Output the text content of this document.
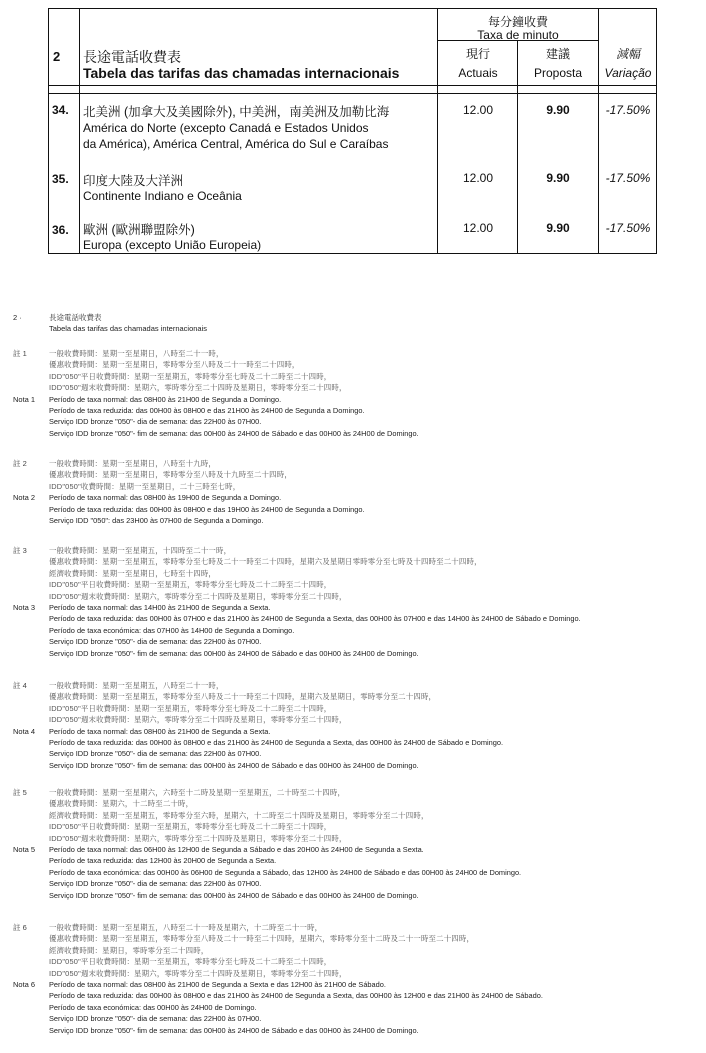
2 長途電話收費表
Tabela das tarifas das chamadas internacionais
每分鐘收費
Taxa de minuto
現行
Actuais
建議
Proposta
減幅
Variação
34. 北美洲 (加拿大及美國除外), 中美洲，南美洲及加勒比海
América do Norte (excepto Canadá e Estados Unidos
da América), América Central, América do Sul e Caraíbas
12.00	9.90	-17.50%
35. 印度大陸及大洋洲
Continente Indiano e Oceânia
12.00	9.90	-17.50%
36. 歐洲 (歐洲聯盟除外)
Europa (excepto União Europeia)
12.00	9.90	-17.50%
2 ·	長途電話收費表
Tabela das tarifas das chamadas internacionais
註 1	一般收費時間：星期一至星期日，八時至二十一時，
優惠收費時間：星期一至星期日，零時零分至八時及二十一時至二十四時，
IDD"050"平日收費時間：星期一至星期五，零時零分至七時及二十二時至二十四時，
IDD"050"週末收費時間：星期六，零時零分至二十四時及星期日，零時零分至二十四時，
Nota 1 Período de taxa normal: das 08H00 às 21H00 de Segunda a Domingo.
Período de taxa reduzida: das 00H00 às 08H00 e das 21H00 às 24H00 de Segunda a Domingo.
Serviço IDD bronze "050"- dia de semana: das 22H00 às 07H00.
Serviço IDD bronze "050"- fim de semana: das 00H00 às 24H00 de Sábado e das 00H00 às 24H00 de Domingo.
註 2	一般收費時間：星期一至星期日，八時至十九時，
優惠收費時間：星期一至星期日，零時零分至八時及十九時至二十四時，
IDD"050"收費時間：星期一至星期日，二十三時至七時，
Nota 2 Período de taxa normal: das 08H00 às 19H00 de Segunda a Domingo.
Período de taxa reduzida: das 00H00 às 08H00 e das 19H00 às 24H00 de Segunda a Domingo.
Serviço IDD "050": das 23H00 às 07H00 de Segunda a Domingo.
註 3	一般收費時間：星期一至星期五，十四時至二十一時，
優惠收費時間：星期一至星期五，零時零分至七時及二十一時至二十四時，星期六及星期日零時零分至七時及十四時至二十四時，
經濟收費時間：星期一至星期日，七時至十四時，
IDD"050"平日收費時間：星期一至星期五，零時零分至七時及二十二時至二十四時，
IDD"050"週末收費時間：星期六，零時零分至二十四時及星期日，零時零分至二十四時，
Nota 3 Período de taxa normal: das 14H00 às 21H00 de Segunda a Sexta.
Período de taxa reduzida: das 00H00 às 07H00 e das 21H00 às 24H00 de Segunda a Sexta, das 00H00 às 07H00 e das 14H00 às 24H00 de Sábado e Domingo.
Período de taxa económica: das 07H00 às 14H00 de Segunda a Domingo.
Serviço IDD bronze "050"- dia de semana: das 22H00 às 07H00.
Serviço IDD bronze "050"- fim de semana: das 00H00 às 24H00 de Sábado e das 00H00 às 24H00 de Domingo.
註 4	一般收費時間：星期一至星期五，八時至二十一時，
優惠收費時間：星期一至星期五，零時零分至八時及二十一時至二十四時，星期六及星期日，零時零分至二十四時，
IDD"050"平日收費時間：星期一至星期五，零時零分至七時及二十二時至二十四時，
IDD"050"週末收費時間：星期六，零時零分至二十四時及星期日，零時零分至二十四時，
Nota 4 Período de taxa normal: das 08H00 às 21H00 de Segunda a Sexta.
Período de taxa reduzida: das 00H00 às 08H00 e das 21H00 às 24H00 de Segunda a Sexta, das 00H00 às 24H00 de Sábado e Domingo.
Serviço IDD bronze "050"- dia de semana: das 22H00 às 07H00.
Serviço IDD bronze "050"- fim de semana: das 00H00 às 24H00 de Sábado e das 00H00 às 24H00 de Domingo.
註 5	一般收費時間：星期一至星期六，六時至十二時及星期一至星期五，二十時至二十四時，
優惠收費時間：星期六，十二時至二十時，
經濟收費時間：星期一至星期五，零時零分至六時，星期六，十二時至二十四時及星期日，零時零分至二十四時，
IDD"050"平日收費時間：星期一至星期五，零時零分至七時及二十二時至二十四時，
IDD"050"週末收費時間：星期六，零時零分至二十四時及星期日，零時零分至二十四時，
Nota 5 Período de taxa normal: das 06H00 às 12H00 de Segunda a Sábado e das 20H00 às 24H00 de Segunda a Sexta.
Período de taxa reduzida: das 12H00 às 20H00 de Segunda a Sexta.
Período de taxa económica: das 00H00 às 06H00 de Segunda a Sábado, das 12H00 às 24H00 de Sábado e das 00H00 às 24H00 de Domingo.
Serviço IDD bronze "050"- dia de semana: das 22H00 às 07H00.
Serviço IDD bronze "050"- fim de semana: das 00H00 às 24H00 de Sábado e das 00H00 às 24H00 de Domingo.
註 6	一般收費時間：星期一至星期五，八時至二十一時及星期六，十二時至二十一時，
優惠收費時間：星期一至星期五，零時零分至八時及二十一時至二十四時，星期六，零時零分至十二時及二十一時至二十四時，
經濟收費時間：星期日，零時零分至二十四時，
IDD"050"平日收費時間：星期一至星期五，零時零分至七時及二十二時至二十四時，
IDD"050"週末收費時間：星期六，零時零分至二十四時及星期日，零時零分至二十四時，
Nota 6 Período de taxa normal: das 08H00 às 21H00 de Segunda a Sexta e das 12H00 às 21H00 de Sábado.
Período de taxa reduzida: das 00H00 às 08H00 e das 21H00 às 24H00 de Segunda a Sexta, das 00H00 às 12H00 e das 21H00 às 24H00 de Sábado.
Período de taxa económica: das 00H00 às 24H00 de Domingo.
Serviço IDD bronze "050"- dia de semana: das 22H00 às 07H00.
Serviço IDD bronze "050"- fim de semana: das 00H00 às 24H00 de Sábado e das 00H00 às 24H00 de Domingo.
